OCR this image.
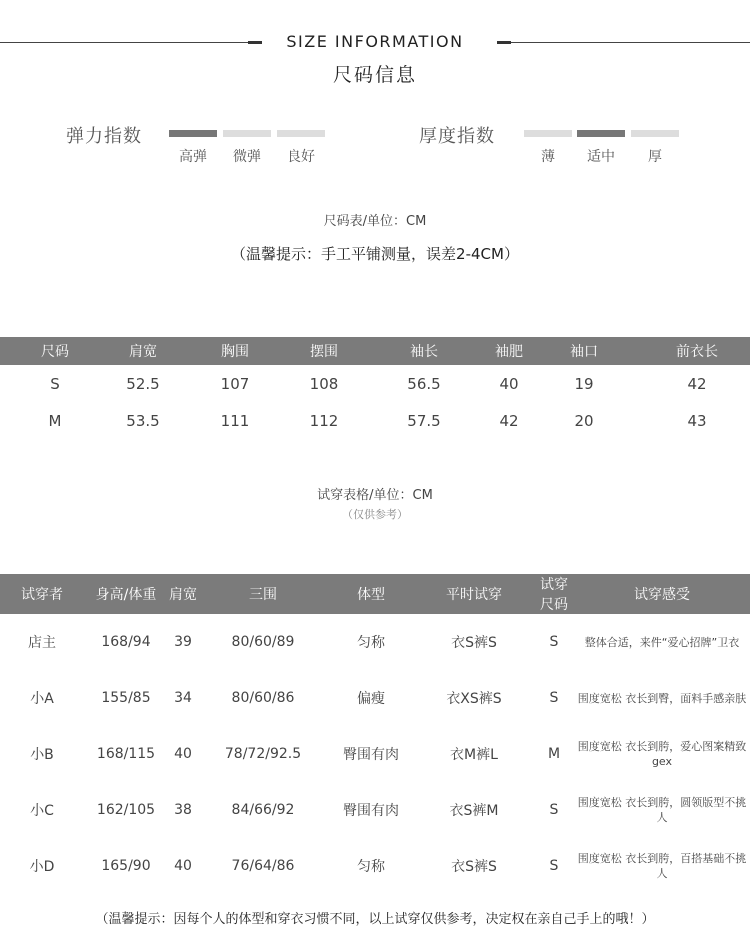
SIZE INFORMATION
尺码信息
弹力指数
高弹	微弹	良好
厚度指数
薄	适中	厚
尺码表/单位：CM
（温馨提示：手工平铺测量，误差2-4CM）
尺码	肩宽	胸围	摆围	袖长	袖肥	袖口	前衣长
S	52.5	107	108	56.5	40	19	42
M	53.5	111	112	57.5	42	20	43
试穿表格/单位：CM
（仅供参考）
试穿者	身高/体重	肩宽	三围	体型	平时试穿	试穿尺码	试穿感受
店主	168/94	39	80/60/89	匀称	衣S裤S	S	整体合适，来件“爱心招牌”卫衣
小A	155/85	34	80/60/86	偏瘦	衣XS裤S	S	围度宽松 衣长到臀，面料手感亲肤
小B	168/115	40	78/72/92.5	臀围有肉	衣M裤L	M	围度宽松 衣长到胯，爱心图案精致gex
小C	162/105	38	84/66/92	臀围有肉	衣S裤M	S	围度宽松 衣长到胯，圆领版型不挑人
小D	165/90	40	76/64/86	匀称	衣S裤S	S	围度宽松 衣长到胯，百搭基础不挑人
（温馨提示：因每个人的体型和穿衣习惯不同，以上试穿仅供参考，决定权在亲自己手上的哦！）
